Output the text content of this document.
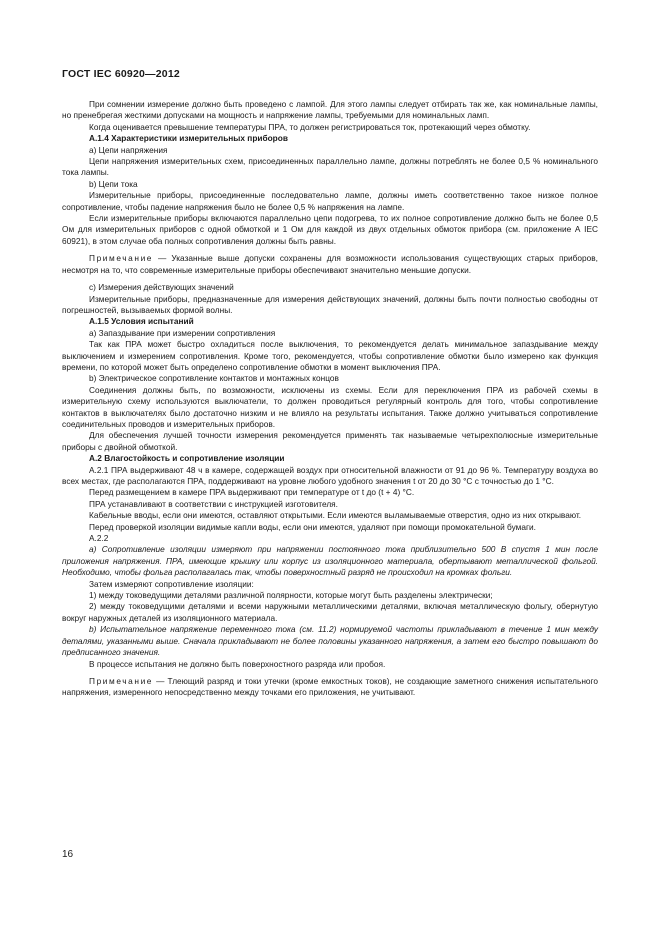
ГОСТ IEC 60920—2012

При сомнении измерение должно быть проведено с лампой. Для этого лампы следует отбирать так же, как номинальные лампы, но пренебрегая жесткими допусками на мощность и напряжение лампы, требуемыми для номинальных ламп.

Когда оценивается превышение температуры ПРА, то должен регистрироваться ток, протекающий через обмотку.

А.1.4 Характеристики измерительных приборов

a) Цепи напряжения

Цепи напряжения измерительных схем, присоединенных параллельно лампе, должны потреблять не более 0,5 % номинального тока лампы.

b) Цепи тока

Измерительные приборы, присоединенные последовательно лампе, должны иметь соответственно такое низкое полное сопротивление, чтобы падение напряжения было не более 0,5 % напряжения на лампе.

Если измерительные приборы включаются параллельно цепи подогрева, то их полное сопротивление должно быть не более 0,5 Ом для измерительных приборов с одной обмоткой и 1 Ом для каждой из двух отдельных обмоток прибора (см. приложение А IEC 60921), в этом случае оба полных сопротивления должны быть равны.

Примечание — Указанные выше допуски сохранены для возможности использования существующих старых приборов, несмотря на то, что современные измерительные приборы обеспечивают значительно меньшие допуски.

c) Измерения действующих значений

Измерительные приборы, предназначенные для измерения действующих значений, должны быть почти полностью свободны от погрешностей, вызываемых формой волны.

А.1.5 Условия испытаний

a) Запаздывание при измерении сопротивления

Так как ПРА может быстро охладиться после выключения, то рекомендуется делать минимальное запаздывание между выключением и измерением сопротивления. Кроме того, рекомендуется, чтобы сопротивление обмотки было измерено как функция времени, по которой может быть определено сопротивление обмотки в момент выключения ПРА.

b) Электрическое сопротивление контактов и монтажных концов

Соединения должны быть, по возможности, исключены из схемы. Если для переключения ПРА из рабочей схемы в измерительную схему используются выключатели, то должен проводиться регулярный контроль для того, чтобы сопротивление контактов в выключателях было достаточно низким и не влияло на результаты испытания. Также должно учитываться сопротивление соединительных проводов и измерительных приборов.

Для обеспечения лучшей точности измерения рекомендуется применять так называемые четырехполюсные измерительные приборы с двойной обмоткой.

А.2 Влагостойкость и сопротивление изоляции

А.2.1 ПРА выдерживают 48 ч в камере, содержащей воздух при относительной влажности от 91 до 96 %. Температуру воздуха во всех местах, где располагаются ПРА, поддерживают на уровне любого удобного значения t от 20 до 30 °С с точностью до 1 °С.

Перед размещением в камере ПРА выдерживают при температуре от t до (t + 4) °С.

ПРА устанавливают в соответствии с инструкцией изготовителя.

Кабельные вводы, если они имеются, оставляют открытыми. Если имеются выламываемые отверстия, одно из них открывают.

Перед проверкой изоляции видимые капли воды, если они имеются, удаляют при помощи промокательной бумаги.

А.2.2

a) Сопротивление изоляции измеряют при напряжении постоянного тока приблизительно 500 В спустя 1 мин после приложения напряжения. ПРА, имеющие крышку или корпус из изоляционного материала, обертывают металлической фольгой. Необходимо, чтобы фольга располагалась так, чтобы поверхностный разряд не происходил на кромках фольги.

Затем измеряют сопротивление изоляции:

1) между токоведущими деталями различной полярности, которые могут быть разделены электрически;

2) между токоведущими деталями и всеми наружными металлическими деталями, включая металлическую фольгу, обернутую вокруг наружных деталей из изоляционного материала.

b) Испытательное напряжение переменного тока (см. 11.2) нормируемой частоты прикладывают в течение 1 мин между деталями, указанными выше. Сначала прикладывают не более половины указанного напряжения, а затем его быстро повышают до предписанного значения.

В процессе испытания не должно быть поверхностного разряда или пробоя.

Примечание — Тлеющий разряд и токи утечки (кроме емкостных токов), не создающие заметного снижения испытательного напряжения, измеренного непосредственно между точками его приложения, не учитывают.

16
